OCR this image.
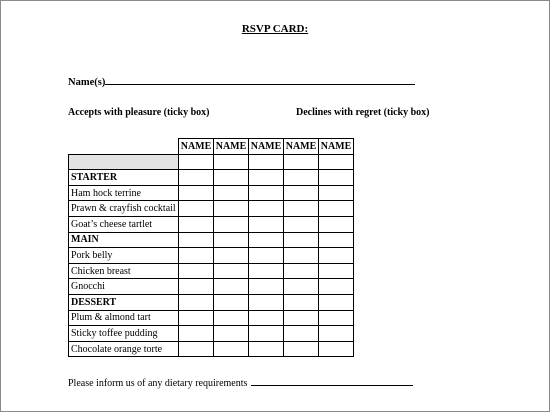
RSVP CARD:
Name(s)
Accepts with pleasure (ticky box)	Declines with regret (ticky box)
	NAME	NAME	NAME	NAME	NAME

STARTER					
Ham hock terrine					
Prawn & crayfish cocktail					
Goat’s cheese tartlet					
MAIN					
Pork belly					
Chicken breast					
Gnocchi					
DESSERT					
Plum & almond tart					
Sticky toffee pudding					
Chocolate orange torte					
Please inform us of any dietary requirements
